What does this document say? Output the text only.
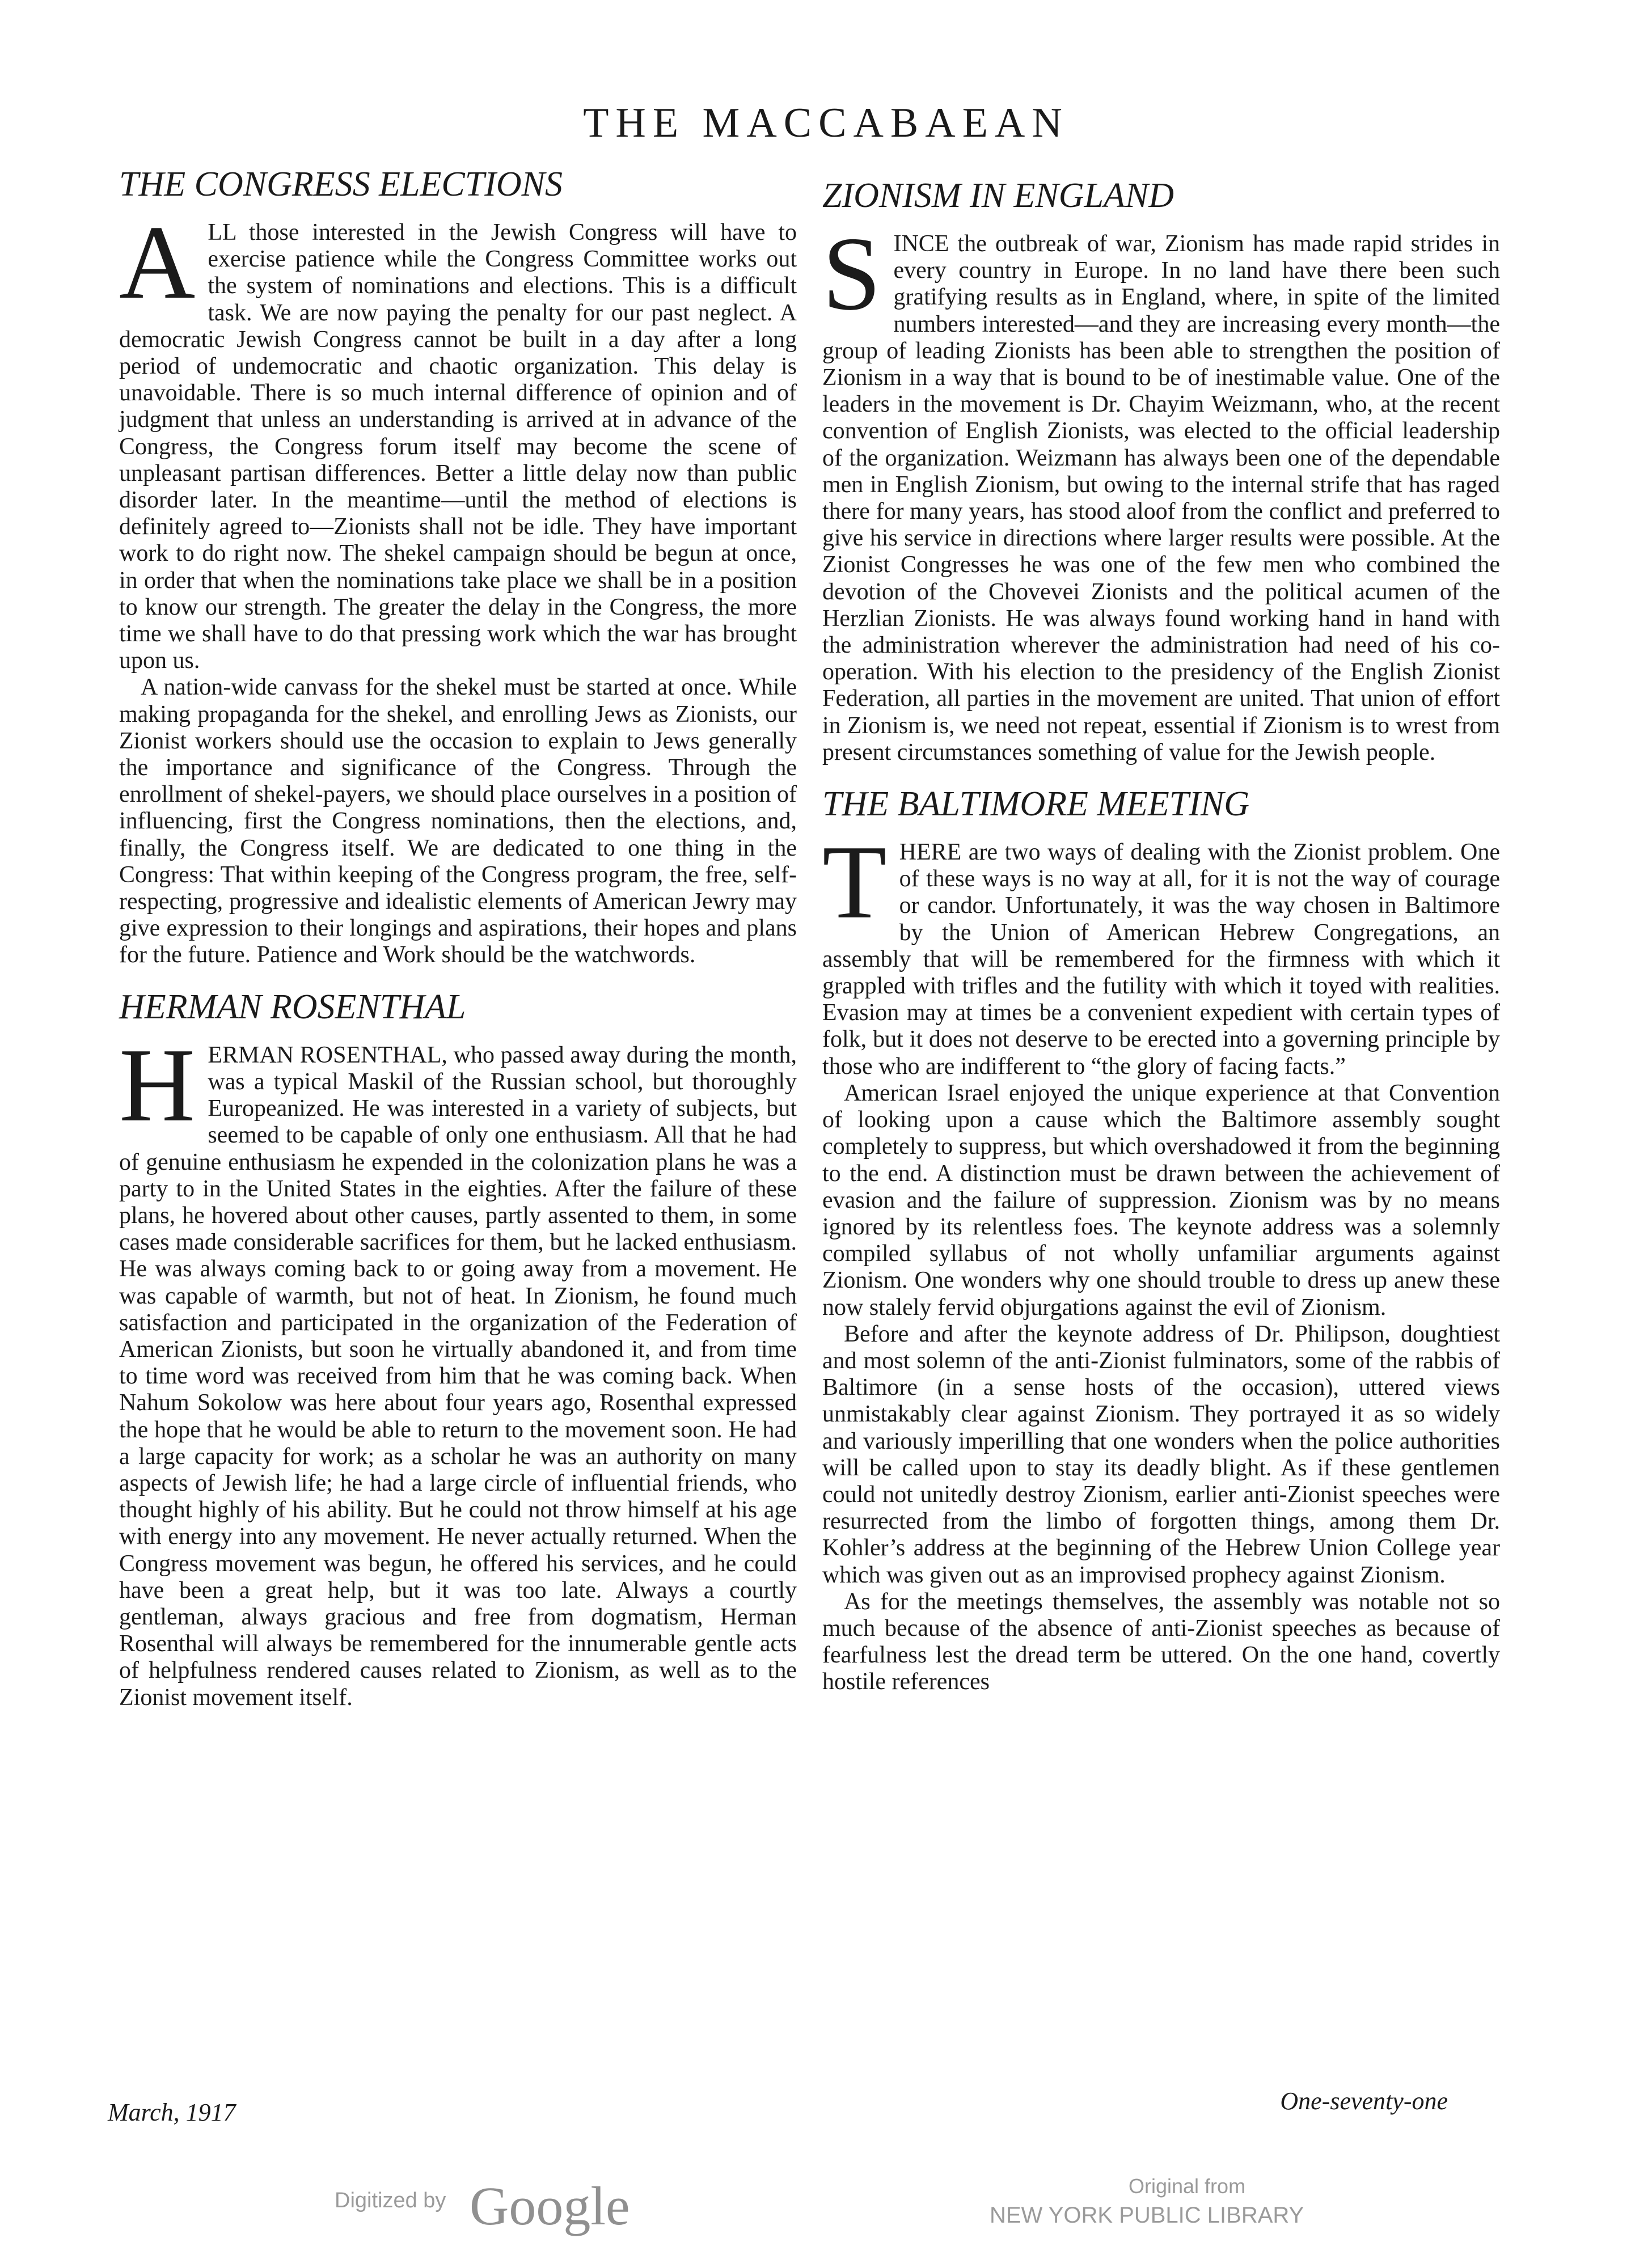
THE MACCABAEAN
THE CONGRESS ELECTIONS
A LL those interested in the Jewish Congress will have to exercise patience while the Congress Committee works out the system of nominations and elections. This is a difficult task. We are now paying the penalty for our past neglect. A democratic Jewish Congress cannot be built in a day after a long period of undemocratic and chaotic organization. This delay is unavoidable. There is so much internal difference of opinion and of judgment that unless an understanding is arrived at in advance of the Congress, the Congress forum itself may become the scene of unpleasant partisan differences. Better a little delay now than public disorder later. In the meantime—until the method of elections is definitely agreed to—Zionists shall not be idle. They have important work to do right now. The shekel campaign should be begun at once, in order that when the nominations take place we shall be in a position to know our strength. The greater the delay in the Congress, the more time we shall have to do that pressing work which the war has brought upon us.

A nation-wide canvass for the shekel must be started at once. While making propaganda for the shekel, and enrolling Jews as Zionists, our Zionist workers should use the occasion to explain to Jews generally the importance and significance of the Congress. Through the enrollment of shekel-payers, we should place ourselves in a position of influencing, first the Congress nominations, then the elections, and, finally, the Congress itself. We are dedicated to one thing in the Congress: That within keeping of the Congress program, the free, self-respecting, progressive and idealistic elements of American Jewry may give expression to their longings and aspirations, their hopes and plans for the future. Patience and Work should be the watchwords.

HERMAN ROSENTHAL
H ERMAN ROSENTHAL, who passed away during the month, was a typical Maskil of the Russian school, but thoroughly Europeanized. He was interested in a variety of subjects, but seemed to be capable of only one enthusiasm. All that he had of genuine enthusiasm he expended in the colonization plans he was a party to in the United States in the eighties. After the failure of these plans, he hovered about other causes, partly assented to them, in some cases made considerable sacrifices for them, but he lacked enthusiasm. He was always coming back to or going away from a movement. He was capable of warmth, but not of heat. In Zionism, he found much satisfaction and participated in the organization of the Federation of American Zionists, but soon he virtually abandoned it, and from time to time word was received from him that he was coming back. When Nahum Sokolow was here about four years ago, Rosenthal expressed the hope that he would be able to return to the movement soon. He had a large capacity for work; as a scholar he was an authority on many aspects of Jewish life; he had a large circle of influential friends, who thought highly of his ability. But he could not throw himself at his age with energy into any movement. He never actually returned. When the Congress movement was begun, he offered his services, and he could have been a great help, but it was too late. Always a courtly gentleman, always gracious and free from dogmatism, Herman Rosenthal will always be remembered for the innumerable gentle acts of helpfulness rendered causes related to Zionism, as well as to the Zionist movement itself.

ZIONISM IN ENGLAND
S INCE the outbreak of war, Zionism has made rapid strides in every country in Europe. In no land have there been such gratifying results as in England, where, in spite of the limited numbers interested—and they are increasing every month—the group of leading Zionists has been able to strengthen the position of Zionism in a way that is bound to be of inestimable value. One of the leaders in the movement is Dr. Chayim Weizmann, who, at the recent convention of English Zionists, was elected to the official leadership of the organization. Weizmann has always been one of the dependable men in English Zionism, but owing to the internal strife that has raged there for many years, has stood aloof from the conflict and preferred to give his service in directions where larger results were possible. At the Zionist Congresses he was one of the few men who combined the devotion of the Chovevei Zionists and the political acumen of the Herzlian Zionists. He was always found working hand in hand with the administration wherever the administration had need of his co-operation. With his election to the presidency of the English Zionist Federation, all parties in the movement are united. That union of effort in Zionism is, we need not repeat, essential if Zionism is to wrest from present circumstances something of value for the Jewish people.

THE BALTIMORE MEETING
T HERE are two ways of dealing with the Zionist problem. One of these ways is no way at all, for it is not the way of courage or candor. Unfortunately, it was the way chosen in Baltimore by the Union of American Hebrew Congregations, an assembly that will be remembered for the firmness with which it grappled with trifles and the futility with which it toyed with realities. Evasion may at times be a convenient expedient with certain types of folk, but it does not deserve to be erected into a governing principle by those who are indifferent to “the glory of facing facts.”

American Israel enjoyed the unique experience at that Convention of looking upon a cause which the Baltimore assembly sought completely to suppress, but which overshadowed it from the beginning to the end. A distinction must be drawn between the achievement of evasion and the failure of suppression. Zionism was by no means ignored by its relentless foes. The keynote address was a solemnly compiled syllabus of not wholly unfamiliar arguments against Zionism. One wonders why one should trouble to dress up anew these now stalely fervid objurgations against the evil of Zionism.

Before and after the keynote address of Dr. Philipson, doughtiest and most solemn of the anti-Zionist fulminators, some of the rabbis of Baltimore (in a sense hosts of the occasion), uttered views unmistakably clear against Zionism. They portrayed it as so widely and variously imperilling that one wonders when the police authorities will be called upon to stay its deadly blight. As if these gentlemen could not unitedly destroy Zionism, earlier anti-Zionist speeches were resurrected from the limbo of forgotten things, among them Dr. Kohler’s address at the beginning of the Hebrew Union College year which was given out as an improvised prophecy against Zionism.

As for the meetings themselves, the assembly was notable not so much because of the absence of anti-Zionist speeches as because of fearfulness lest the dread term be uttered. On the one hand, covertly hostile references

March, 1917	One-seventy-one
Digitized by Google	Original from
NEW YORK PUBLIC LIBRARY
